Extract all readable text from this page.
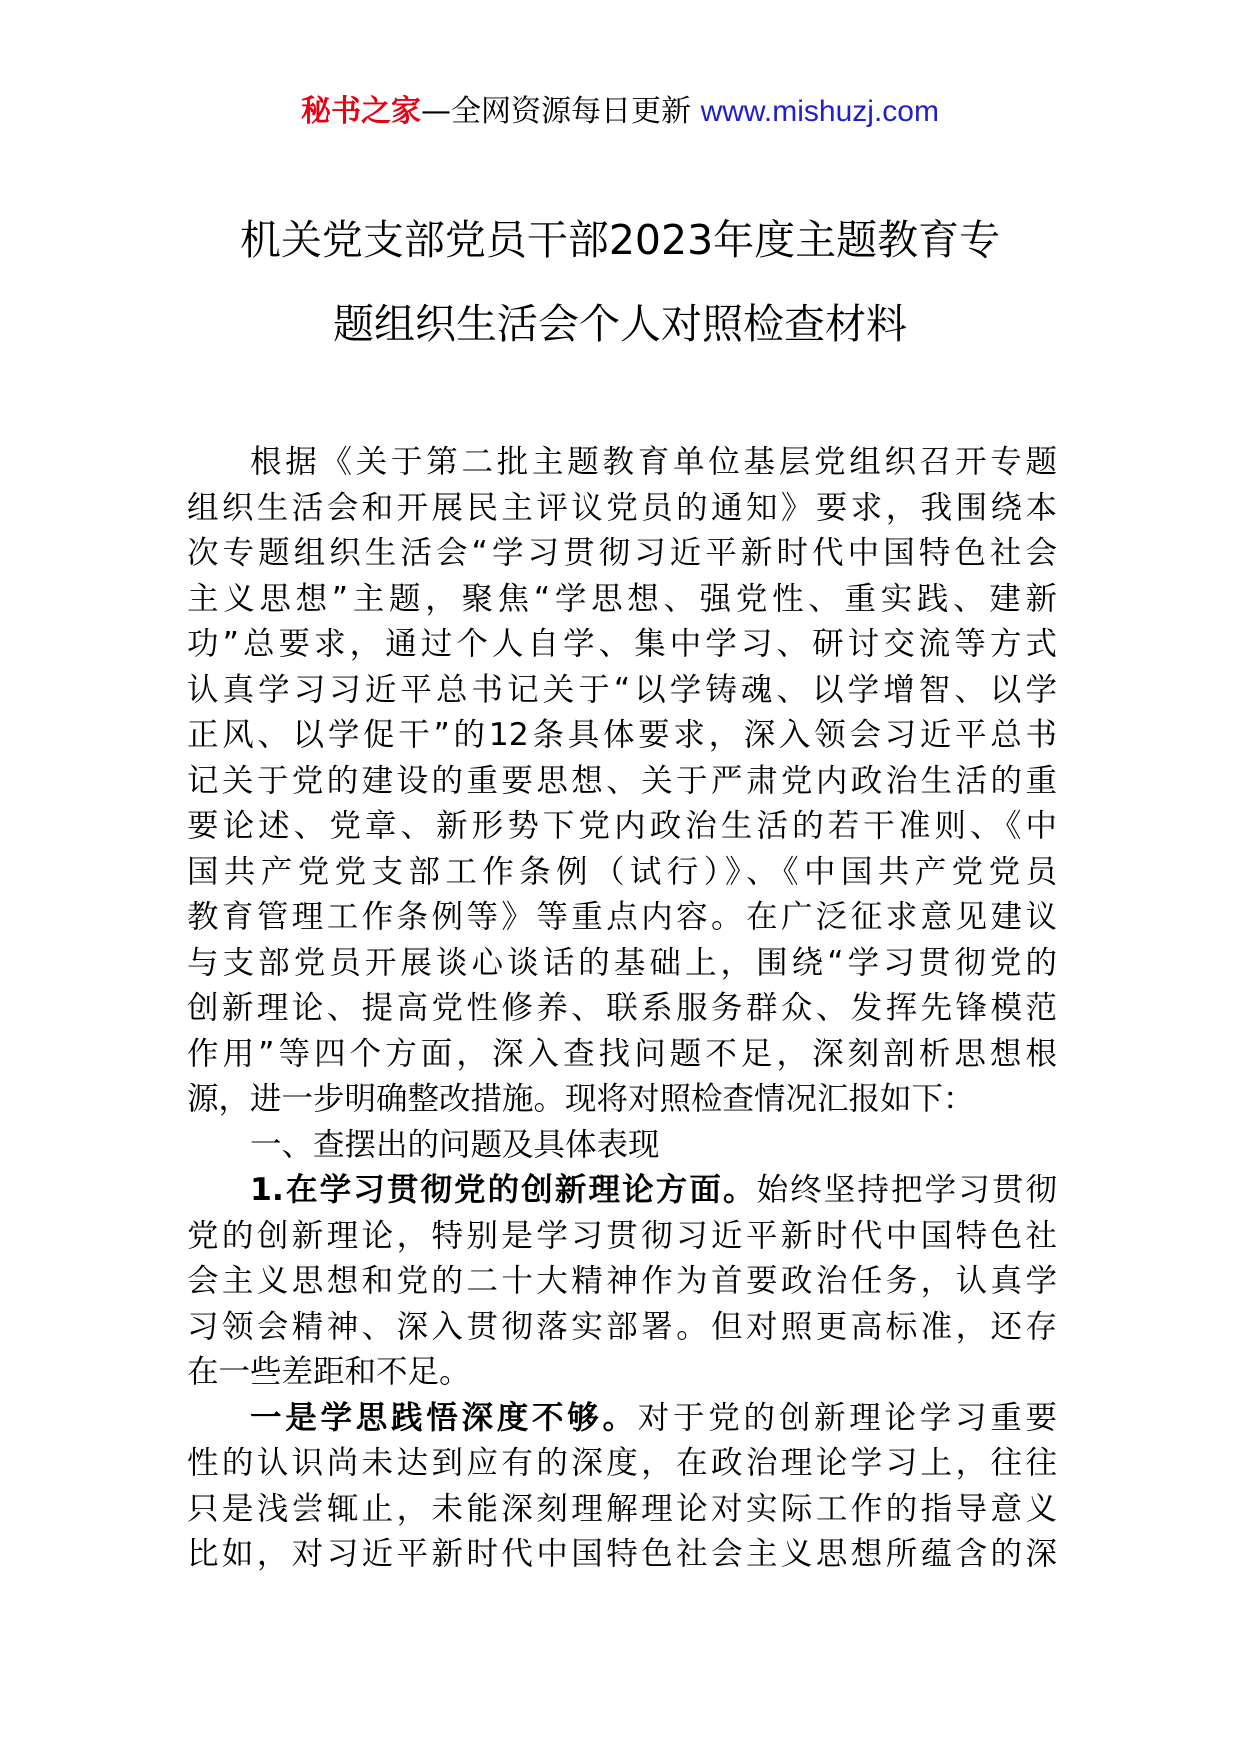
秘书之家—全网资源每日更新 www.mishuzj.com
机关党支部党员干部2023年度主题教育专
题组织生活会个人对照检查材料
根据《关于第二批主题教育单位基层党组织召开专题
组织生活会和开展民主评议党员的通知》要求，我围绕本
次专题组织生活会“学习贯彻习近平新时代中国特色社会
主义思想”主题，聚焦“学思想、强党性、重实践、建新
功”总要求，通过个人自学、集中学习、研讨交流等方式
认真学习习近平总书记关于“以学铸魂、以学增智、以学
正风、以学促干”的12条具体要求，深入领会习近平总书
记关于党的建设的重要思想、关于严肃党内政治生活的重
要论述、党章、新形势下党内政治生活的若干准则、《中
国共产党党支部工作条例（试行）》、《中国共产党党员
教育管理工作条例等》等重点内容。在广泛征求意见建议
与支部党员开展谈心谈话的基础上，围绕“学习贯彻党的
创新理论、提高党性修养、联系服务群众、发挥先锋模范
作用”等四个方面，深入查找问题不足，深刻剖析思想根
源，进一步明确整改措施。现将对照检查情况汇报如下：
一、查摆出的问题及具体表现
1.在学习贯彻党的创新理论方面。始终坚持把学习贯彻
党的创新理论，特别是学习贯彻习近平新时代中国特色社
会主义思想和党的二十大精神作为首要政治任务，认真学
习领会精神、深入贯彻落实部署。但对照更高标准，还存
在一些差距和不足。
一是学思践悟深度不够。对于党的创新理论学习重要
性的认识尚未达到应有的深度，在政治理论学习上，往往
只是浅尝辄止，未能深刻理解理论对实际工作的指导意义
比如，对习近平新时代中国特色社会主义思想所蕴含的深
